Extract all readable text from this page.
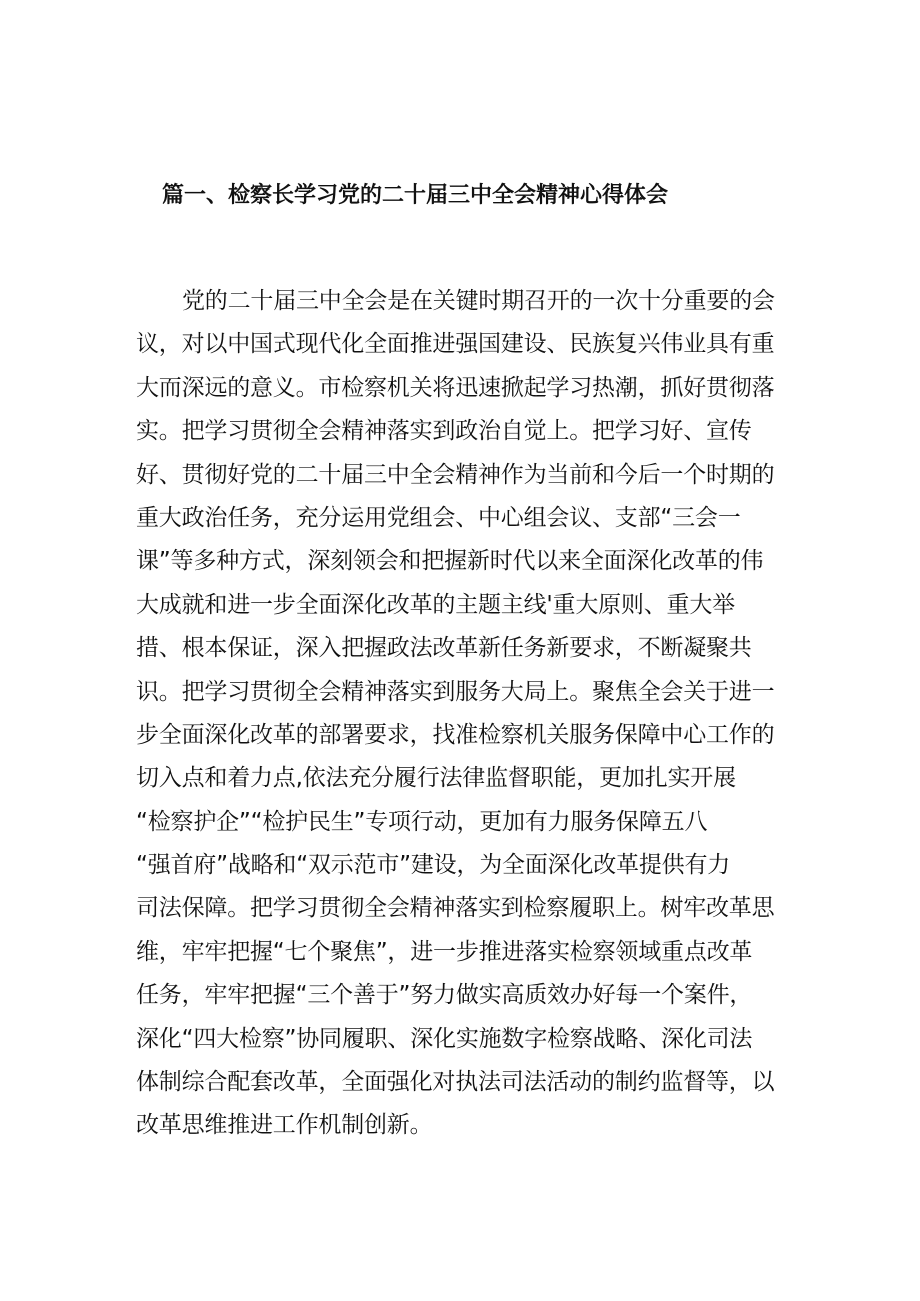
篇一、检察长学习党的二十届三中全会精神心得体会
党的二十届三中全会是在关键时期召开的一次十分重要的会
议，对以中国式现代化全面推进强国建设、民族复兴伟业具有重
大而深远的意义。市检察机关将迅速掀起学习热潮，抓好贯彻落
实。把学习贯彻全会精神落实到政治自觉上。把学习好、宣传
好、贯彻好党的二十届三中全会精神作为当前和今后一个时期的
重大政治任务，充分运用党组会、中心组会议、支部“三会一
课”等多种方式，深刻领会和把握新时代以来全面深化改革的伟
大成就和进一步全面深化改革的主题主线'重大原则、重大举
措、根本保证，深入把握政法改革新任务新要求，不断凝聚共
识。把学习贯彻全会精神落实到服务大局上。聚焦全会关于进一
步全面深化改革的部署要求，找准检察机关服务保障中心工作的
切入点和着力点,依法充分履行法律监督职能，更加扎实开展
“检察护企”“检护民生”专项行动，更加有力服务保障五八
“强首府”战略和“双示范市”建设，为全面深化改革提供有力
司法保障。把学习贯彻全会精神落实到检察履职上。树牢改革思
维，牢牢把握“七个聚焦”，进一步推进落实检察领域重点改革
任务，牢牢把握“三个善于”努力做实高质效办好每一个案件，
深化“四大检察”协同履职、深化实施数字检察战略、深化司法
体制综合配套改革，全面强化对执法司法活动的制约监督等，以
改革思维推进工作机制创新。
